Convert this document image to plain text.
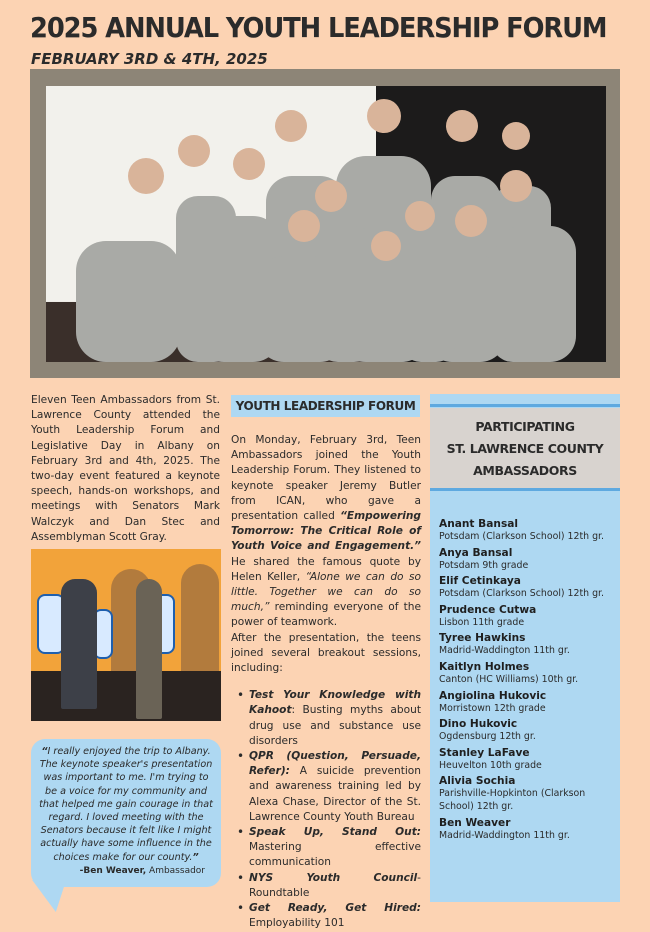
2025 ANNUAL YOUTH LEADERSHIP FORUM
FEBRUARY 3RD & 4TH, 2025
Eleven Teen Ambassadors from St. Lawrence County attended the Youth Leadership Forum and Legislative Day in Albany on February 3rd and 4th, 2025. The two-day event featured a keynote speech, hands-on workshops, and meetings with Senators Mark Walczyk and Dan Stec and Assemblyman Scott Gray.
“I really enjoyed the trip to Albany. The keynote speaker's presentation was important to me. I'm trying to be a voice for my community and that helped me gain courage in that regard. I loved meeting with the Senators because it felt like I might actually have some influence in the choices make for our county.”
-Ben Weaver, Ambassador
YOUTH LEADERSHIP FORUM

On Monday, February 3rd, Teen Ambassadors joined the Youth Leadership Forum. They listened to keynote speaker Jeremy Butler from ICAN, who gave a presentation called “Empowering Tomorrow: The Critical Role of Youth Voice and Engagement.” He shared the famous quote by Helen Keller, “Alone we can do so little. Together we can do so much,” reminding everyone of the power of teamwork.

After the presentation, the teens joined several breakout sessions, including:

• Test Your Knowledge with Kahoot: Busting myths about drug use and substance use disorders
• QPR (Question, Persuade, Refer): A suicide prevention and awareness training led by Alexa Chase, Director of the St. Lawrence County Youth Bureau
• Speak Up, Stand Out: Mastering effective communication
• NYS Youth Council-Roundtable
• Get Ready, Get Hired: Employability 101
PARTICIPATING
ST. LAWRENCE COUNTY
AMBASSADORS
Anant Bansal
Potsdam (Clarkson School) 12th gr.
Anya Bansal
Potsdam 9th grade
Elif Cetinkaya
Potsdam (Clarkson School) 12th gr.
Prudence Cutwa
Lisbon 11th grade
Tyree Hawkins
Madrid-Waddington 11th gr.
Kaitlyn Holmes
Canton (HC Williams) 10th gr.
Angiolina Hukovic
Morristown 12th grade
Dino Hukovic
Ogdensburg 12th gr.
Stanley LaFave
Heuvelton 10th grade
Alivia Sochia
Parishville-Hopkinton (Clarkson School) 12th gr.
Ben Weaver
Madrid-Waddington 11th gr.
